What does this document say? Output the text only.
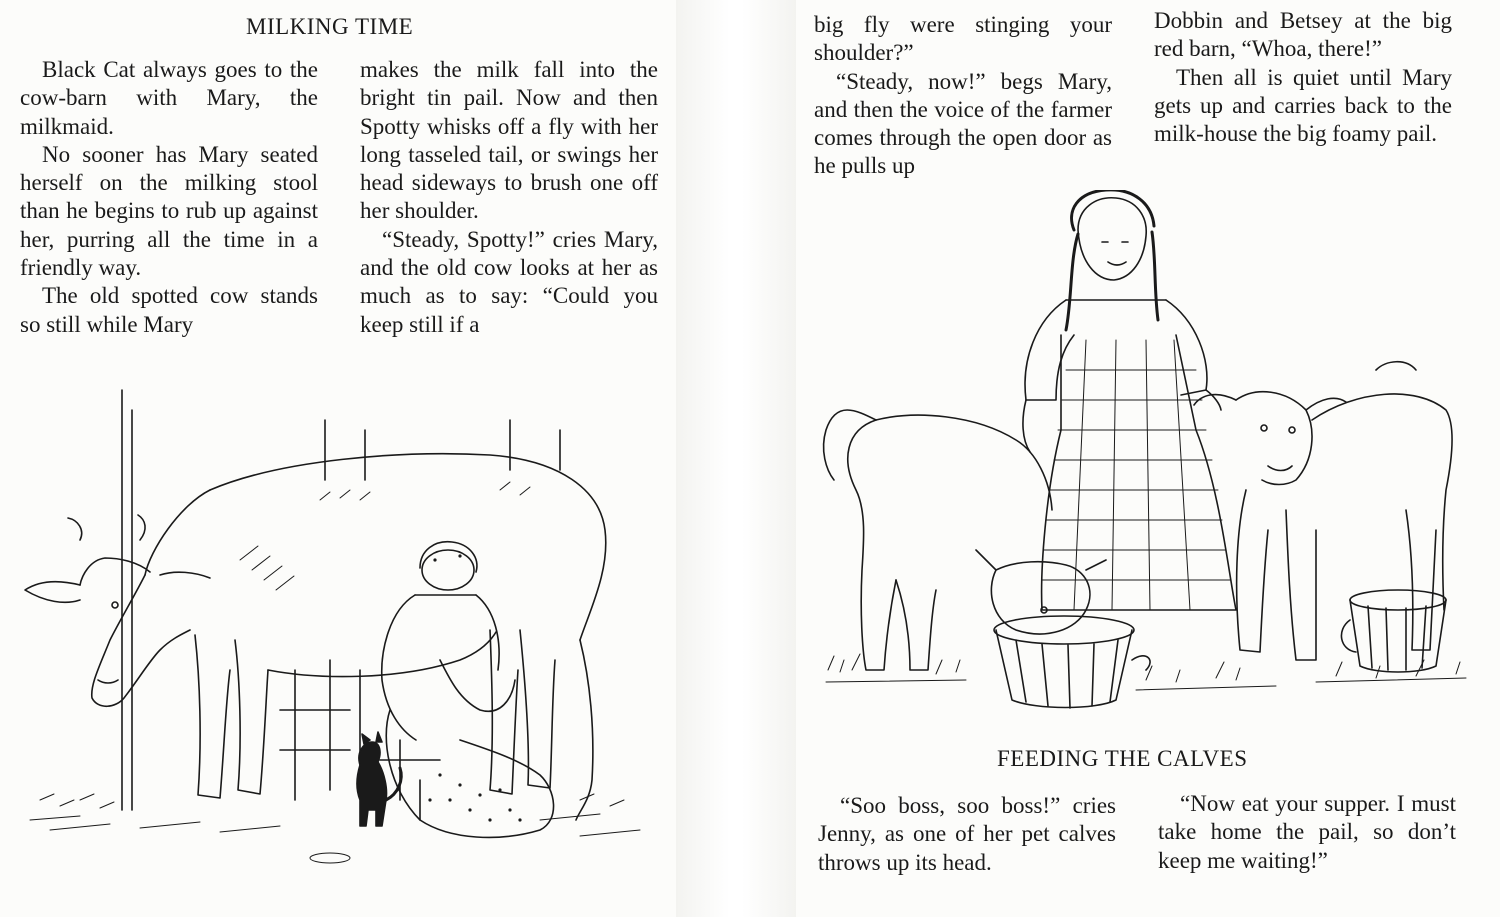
MILKING TIME

Black Cat always goes to the cow-barn with Mary, the milkmaid.

No sooner has Mary seated herself on the milking stool than he begins to rub up against her, purring all the time in a friendly way.

The old spotted cow stands so still while Mary

makes the milk fall into the bright tin pail. Now and then Spotty whisks off a fly with her long tasseled tail, or swings her head sideways to brush one off her shoulder.

“Steady, Spotty!” cries Mary, and the old cow looks at her as much as to say: “Could you keep still if a

big fly were stinging your shoulder?”

“Steady, now!” begs Mary, and then the voice of the farmer comes through the open door as he pulls up

Dobbin and Betsey at the big red barn, “Whoa, there!”

Then all is quiet until Mary gets up and carries back to the milk-house the big foamy pail.

FEEDING THE CALVES

“Soo boss, soo boss!” cries Jenny, as one of her pet calves throws up its head.

“Now eat your supper. I must take home the pail, so don’t keep me waiting!”
